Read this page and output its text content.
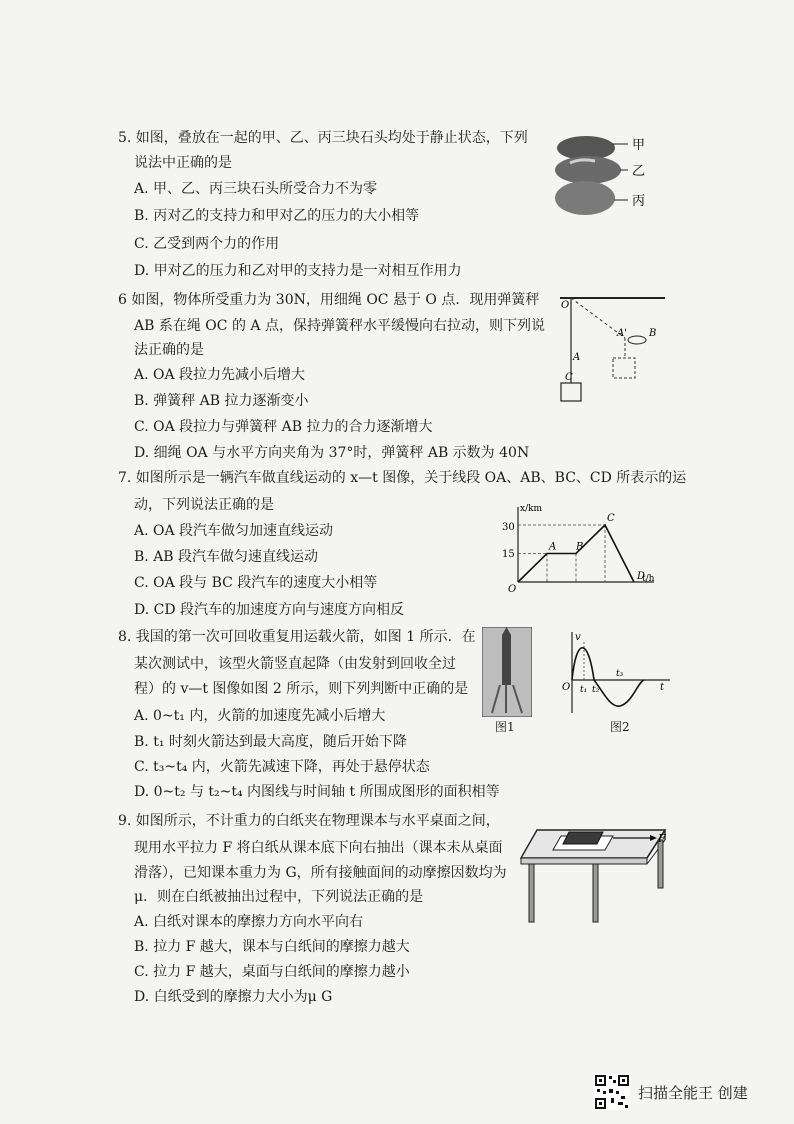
5. 如图，叠放在一起的甲、乙、丙三块石头均处于静止状态，下列
说法中正确的是
A. 甲、乙、丙三块石头所受合力不为零
B. 丙对乙的支持力和甲对乙的压力的大小相等
C. 乙受到两个力的作用
D. 甲对乙的压力和乙对甲的支持力是一对相互作用力
甲
乙
丙
6 如图，物体所受重力为 30N，用细绳 OC 悬于 O 点．现用弹簧秤
AB 系在绳 OC 的 A 点，保持弹簧秤水平缓慢向右拉动，则下列说
法正确的是
A. OA 段拉力先减小后增大
B. 弹簧秤 AB 拉力逐渐变小
C. OA 段拉力与弹簧秤 AB 拉力的合力逐渐增大
D. 细绳 OA 与水平方向夹角为 37°时，弹簧秤 AB 示数为 40N
O
A
C
A' B
7. 如图所示是一辆汽车做直线运动的 x—t 图像，关于线段 OA、AB、BC、CD 所表示的运
动，下列说法正确的是
A. OA 段汽车做匀加速直线运动
B. AB 段汽车做匀速直线运动
C. OA 段与 BC 段汽车的速度大小相等
D. CD 段汽车的加速度方向与速度方向相反
x/km
t/h
30
15
O
A B
C
D
8. 我国的第一次可回收重复用运载火箭，如图 1 所示．在
某次测试中，该型火箭竖直起降（由发射到回收全过
程）的 v—t 图像如图 2 所示，则下列判断中正确的是
A. 0~t₁ 内，火箭的加速度先减小后增大
B. t₁ 时刻火箭达到最大高度，随后开始下降
C. t₃~t₄ 内，火箭先减速下降，再处于悬停状态
D. 0~t₂ 与 t₂~t₄ 内图线与时间轴 t 所围成图形的面积相等
图1
v
O t₁ t₂
t₃
t
图2
9. 如图所示，不计重力的白纸夹在物理课本与水平桌面之间，
现用水平拉力 F 将白纸从课本底下向右抽出（课本未从桌面
滑落），已知课本重力为 G，所有接触面间的动摩擦因数均为
μ．则在白纸被抽出过程中，下列说法正确的是
A. 白纸对课本的摩擦力方向水平向右
B. 拉力 F 越大，课本与白纸间的摩擦力越大
C. 拉力 F 越大，桌面与白纸间的摩擦力越小
D. 白纸受到的摩擦力大小为μ G
F
扫描全能王 创建
